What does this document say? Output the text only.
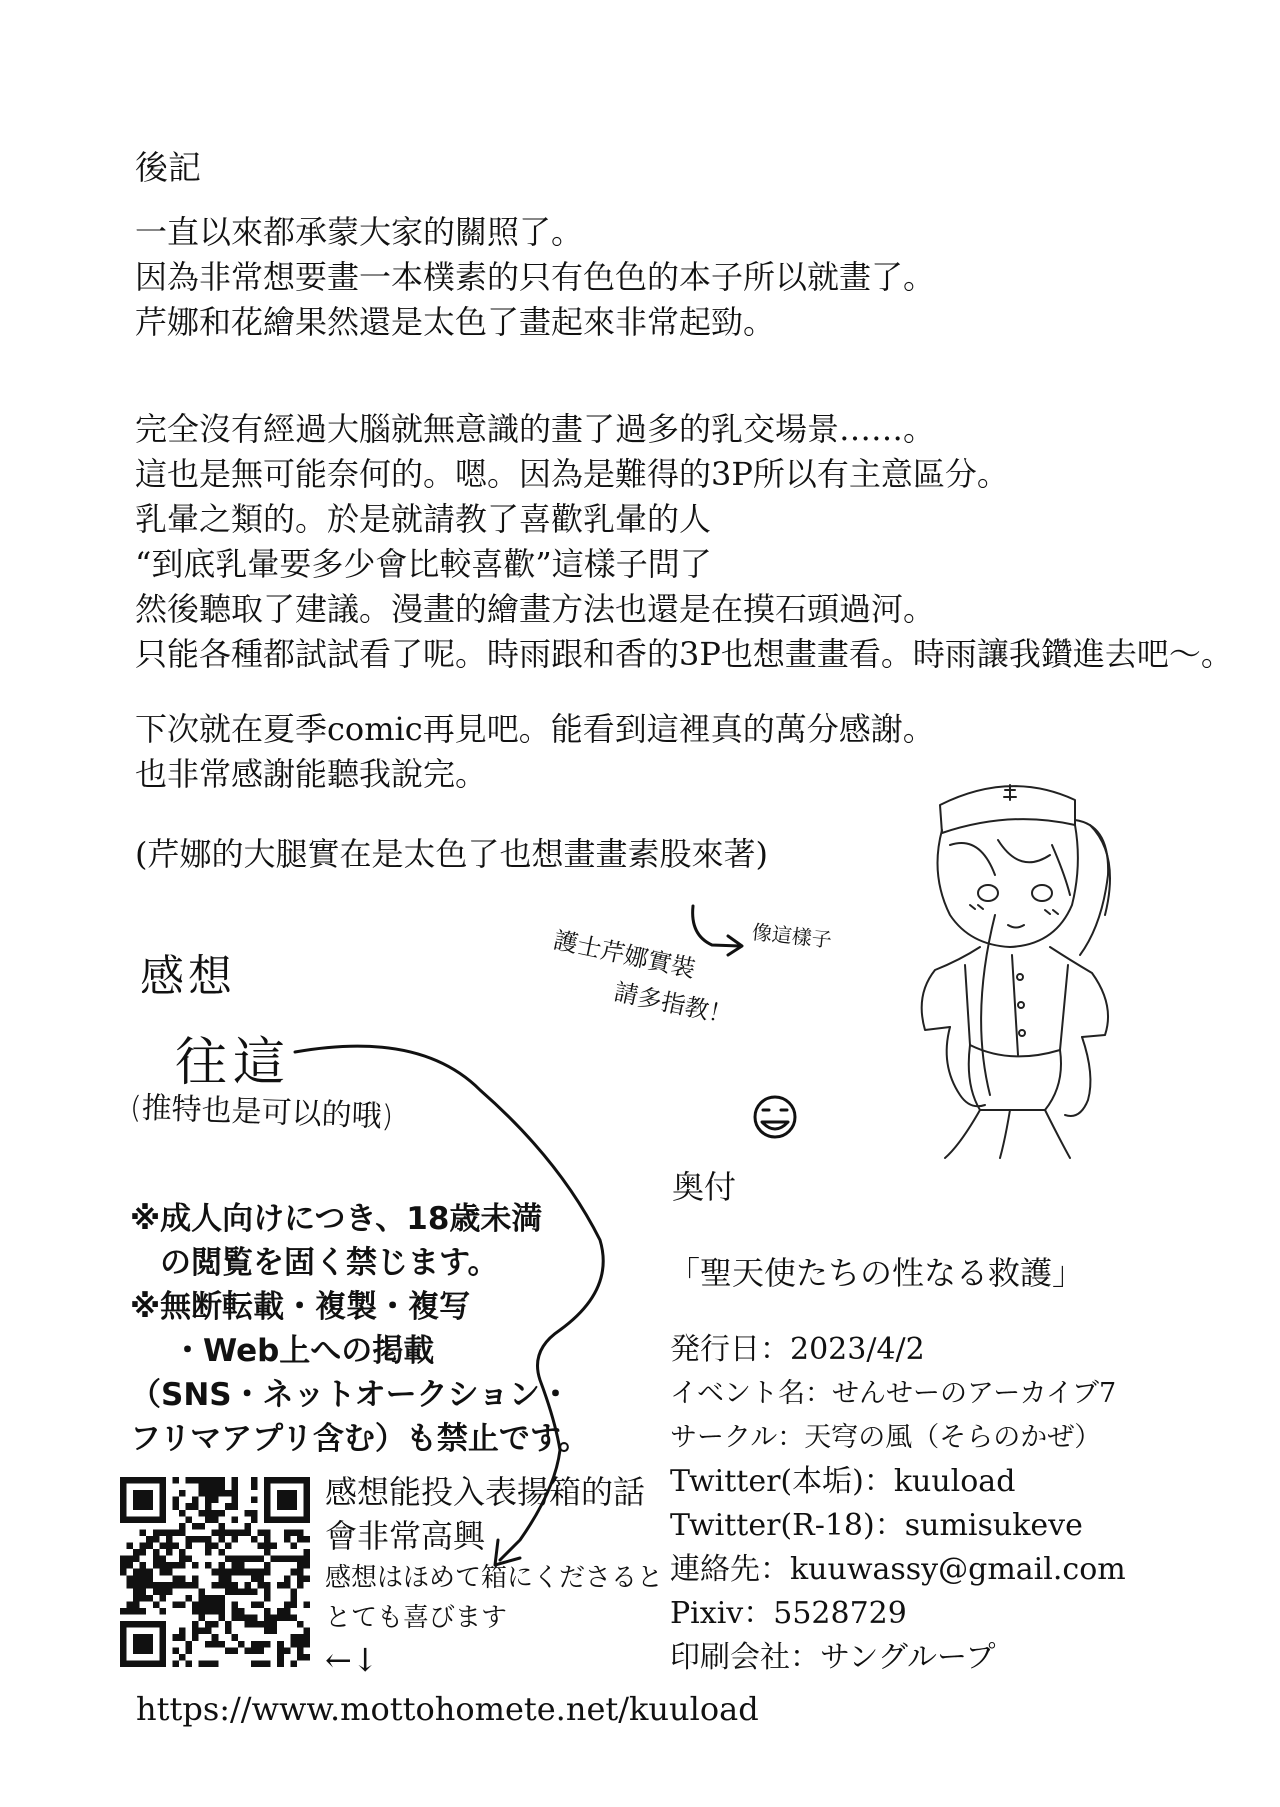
後記
一直以來都承蒙大家的關照了。
因為非常想要畫一本樸素的只有色色的本子所以就畫了。
芹娜和花繪果然還是太色了畫起來非常起勁。
完全沒有經過大腦就無意識的畫了過多的乳交場景……。
這也是無可能奈何的。嗯。因為是難得的3P所以有主意區分。
乳暈之類的。於是就請教了喜歡乳暈的人
“到底乳暈要多少會比較喜歡”這樣子問了
然後聽取了建議。漫畫的繪畫方法也還是在摸石頭過河。
只能各種都試試看了呢。時雨跟和香的3P也想畫畫看。時雨讓我鑽進去吧～。
下次就在夏季comic再見吧。能看到這裡真的萬分感謝。
也非常感謝能聽我說完。
(芹娜的大腿實在是太色了也想畫畫素股來著)
像這樣子
護士芹娜實裝
請多指教！
感想
往這
(推特也是可以的哦)
※成人向けにつき、18歳未満
の閲覧を固く禁じます。
※無断転載・複製・複写
・Web上への掲載
（SNS・ネットオークション・
フリマアプリ含む）も禁止です。
奥付
「聖天使たちの性なる救護」
発行日：2023/4/2
イベント名：せんせーのアーカイブ7
サークル：天穹の風（そらのかぜ）
Twitter(本垢)：kuuload
Twitter(R-18)：sumisukeve
連絡先：kuuwassy@gmail.com
Pixiv：5528729
印刷会社：サングループ
感想能投入表揚箱的話
會非常高興
感想はほめて箱にくださると
とても喜びます
←↓
https://www.mottohomete.net/kuuload
